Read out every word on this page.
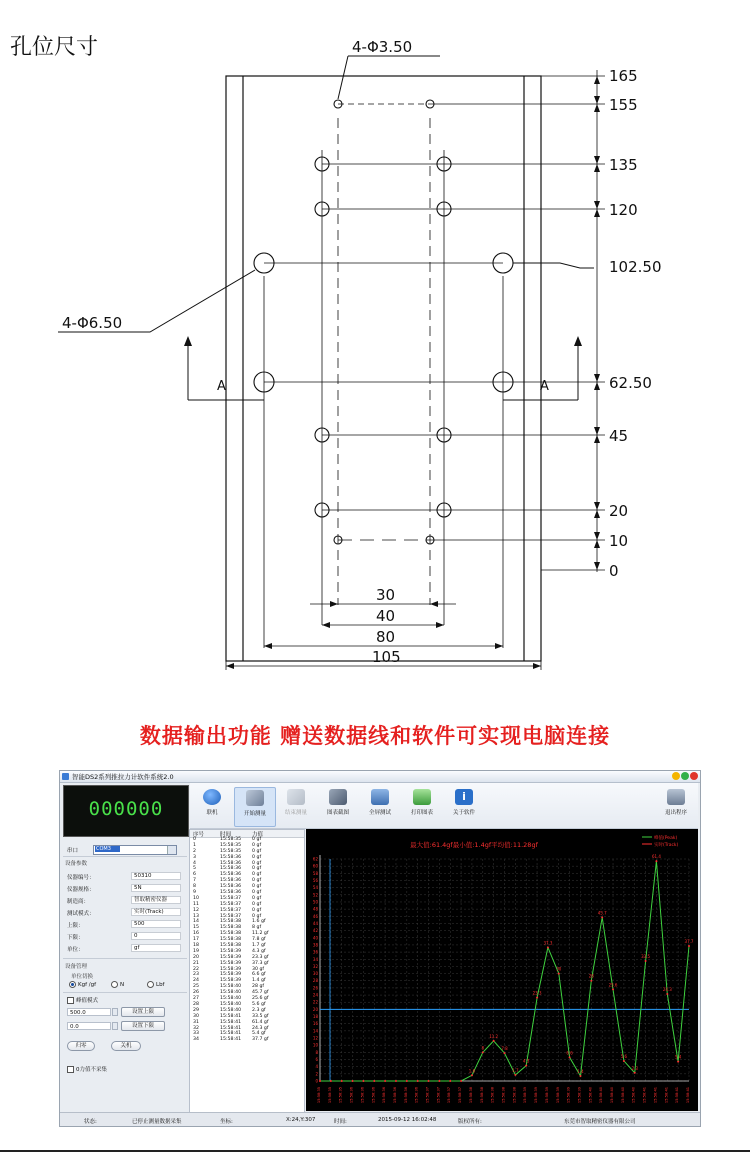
孔位尺寸	4-Φ3.50
4-Φ6.50
A	A
165
155
135
120
102.50
62.50
45
20
10
0
30
40
80
105
数据输出功能 赠送数据线和软件可实现电脑连接
智能DS2系列推拉力计软件系统2.0
000000	联机	开始测量	结束测量	图表截图	全屏测试	打印图表
i
关于软件	退出程序
串口	COM3
设备参数
仪器编号：	50310
仪器规格：	5N
制造商：	智取精密仪器
测试模式：	实时(Track)
上限：	500
下限：	0
单位：	gf
设备管理
单位切换
Kgf /gf	N	Lbf
峰值模式
500.0	设置上限
0.0	设置下限
归零	关机
0力值不采集
序号	时间	力值
0	15:58:35 0 gf
1	15:58:35 0 gf
2	15:58:35 0 gf
3	15:58:36 0 gf
4	15:58:36 0 gf
5	15:58:36 0 gf
6	15:58:36 0 gf
7	15:58:36 0 gf
8	15:58:36 0 gf
9	15:58:36 0 gf
10	15:58:37 0 gf
11	15:58:37 0 gf
12	15:58:37 0 gf
13	15:58:37 0 gf
14	15:58:38 1.6 gf
15	15:58:38 8 gf
16	15:58:38 11.2 gf
17	15:58:38 7.8 gf
18	15:58:38 1.7 gf
19	15:58:39 4.3 gf
20	15:58:39 23.3 gf
21	15:58:39 37.3 gf
22	15:58:39 30 gf
23	15:58:39 6.6 gf
24	15:58:39 1.4 gf
25	15:58:40 28 gf
26	15:58:40 45.7 gf
27	15:58:40 25.6 gf
28	15:58:40 5.6 gf
29	15:58:40 2.3 gf
30	15:58:41 33.5 gf
31	15:58:41 61.4 gf
32	15:58:41 24.3 gf
33	15:58:41 5.4 gf
34	15:58:41 37.7 gf
0
2
4
6
8
10
12
14
16
18
20
22
24
26
28
30
32
34
36
38
40
42
44
46
48
50
52
54
56
58
60
62
15:58:35 15:58:35 15:58:35 15:58:36 15:58:36 15:58:36 15:58:36 15:58:36 15:58:36 15:58:36 15:58:37 15:58:37 15:58:37 15:58:37 15:58:38 15:58:38 15:58:38 15:58:38 15:58:38 15:58:39 15:58:39 15:58:39 15:58:39 15:58:39 15:58:39 15:58:40 15:58:40 15:58:40 15:58:40 15:58:40 15:58:41 15:58:41 15:58:41 15:58:41 15:58:41
1.6
8
11.2
7.8
1.7
4.3
23.3
37.3
30
6.6
1.4
28
45.7
25.6
5.6
2.3
33.5
61.4
24.3
5.4
37.7
最大值:61.4gf最小值:1.4gf平均值:11.28gf
峰值(Peak)
实时(Track)
状态:	已停止测量数据采集	坐标:	X:24,Y:307	时间:	2015-09-12 16:02:48	版权所有:	东莞市智取精密仪器有限公司
